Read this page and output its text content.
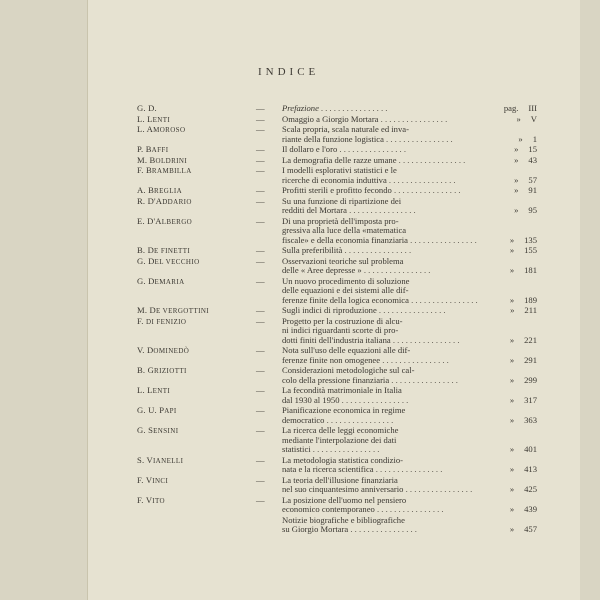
INDICE
G. D.	— Prefazione . . . . . . . . . . . . . . . .	pag. III
L. LENTI	— Omaggio a Giorgio Mortara . . . . . . . . . . . . . . . .	» V
L. AMOROSO	— Scala propria, scala naturale ed inva-
riante della funzione logistica . . . . . . . . . . . . . . . .	» 1
P. BAFFI	— Il dollaro e l'oro . . . . . . . . . . . . . . . .	» 15
M. BOLDRINI	— La demografia delle razze umane . . . . . . . . . . . . . . . .	» 43
F. BRAMBILLA	— I modelli esplorativi statistici e le
ricerche di economia induttiva . . . . . . . . . . . . . . . .	» 57
A. BREGLIA	— Profitti sterili e profitto fecondo . . . . . . . . . . . . . . . .	» 91
R. D'ADDARIO	— Su una funzione di ripartizione dei
redditi del Mortara . . . . . . . . . . . . . . . .	» 95
E. D'ALBERGO	— Di una proprietà dell'imposta pro-
gressiva alla luce della «matematica
fiscale» e della economia finanziaria . . . . . . . . . . . . . . . .	» 135
B. DE FINETTI	— Sulla preferibilità . . . . . . . . . . . . . . . .	» 155
G. DEL VECCHIO	— Osservazioni teoriche sul problema
delle « Aree depresse » . . . . . . . . . . . . . . . .	» 181
G. DEMARIA	— Un nuovo procedimento di soluzione
delle equazioni e dei sistemi alle dif-
ferenze finite della logica economica . . . . . . . . . . . . . . . .	» 189
M. DE VERGOTTINI	— Sugli indici di riproduzione . . . . . . . . . . . . . . . .	» 211
F. DI FENIZIO	— Progetto per la costruzione di alcu-
ni indici riguardanti scorte di pro-
dotti finiti dell'industria italiana . . . . . . . . . . . . . . . .	» 221
V. DOMINEDÒ	— Nota sull'uso delle equazioni alle dif-
ferenze finite non omogenee . . . . . . . . . . . . . . . .	» 291
B. GRIZIOTTI	— Considerazioni metodologiche sul cal-
colo della pressione finanziaria . . . . . . . . . . . . . . . .	» 299
L. LENTI	— La fecondità matrimoniale in Italia
dal 1930 al 1950 . . . . . . . . . . . . . . . .	» 317
G. U. PAPI	— Pianificazione economica in regime
democratico . . . . . . . . . . . . . . . .	» 363
G. SENSINI	— La ricerca delle leggi economiche
mediante l'interpolazione dei dati
statistici . . . . . . . . . . . . . . . .	» 401
S. VIANELLI	— La metodologia statistica condizio-
nata e la ricerca scientifica . . . . . . . . . . . . . . . .	» 413
F. VINCI	— La teoria dell'illusione finanziaria
nel suo cinquantesimo anniversario . . . . . . . . . . . . . . . .	» 425
F. VITO	— La posizione dell'uomo nel pensiero
economico contemporaneo . . . . . . . . . . . . . . . .	» 439
Notizie biografiche e bibliografiche
su Giorgio Mortara . . . . . . . . . . . . . . . .	» 457
